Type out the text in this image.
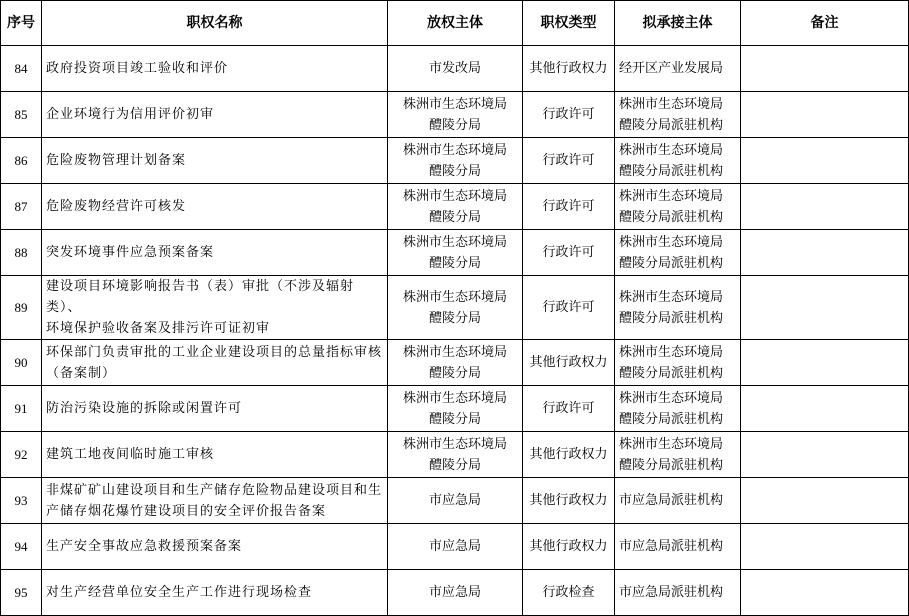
序号	职权名称	放权主体	职权类型	拟承接主体	备注
84	政府投资项目竣工验收和评价	市发改局	其他行政权力	经开区产业发展局	

85	企业环境行为信用评价初审	株洲市生态环境局
醴陵分局	行政许可	株洲市生态环境局
醴陵分局派驻机构	

86	危险废物管理计划备案	株洲市生态环境局
醴陵分局	行政许可	株洲市生态环境局
醴陵分局派驻机构	

87	危险废物经营许可核发	株洲市生态环境局
醴陵分局	行政许可	株洲市生态环境局
醴陵分局派驻机构	

88	突发环境事件应急预案备案	株洲市生态环境局
醴陵分局	行政许可	株洲市生态环境局
醴陵分局派驻机构	

89	建设项目环境影响报告书（表）审批（不涉及辐射类）、
环境保护验收备案及排污许可证初审	株洲市生态环境局
醴陵分局	行政许可	株洲市生态环境局
醴陵分局派驻机构	

90	环保部门负责审批的工业企业建设项目的总量指标审核
（备案制）	株洲市生态环境局
醴陵分局	其他行政权力	株洲市生态环境局
醴陵分局派驻机构	

91	防治污染设施的拆除或闲置许可	株洲市生态环境局
醴陵分局	行政许可	株洲市生态环境局
醴陵分局派驻机构	

92	建筑工地夜间临时施工审核	株洲市生态环境局
醴陵分局	其他行政权力	株洲市生态环境局
醴陵分局派驻机构	

93	非煤矿矿山建设项目和生产储存危险物品建设项目和生
产储存烟花爆竹建设项目的安全评价报告备案	市应急局	其他行政权力	市应急局派驻机构	

94	生产安全事故应急救援预案备案	市应急局	其他行政权力	市应急局派驻机构	

95	对生产经营单位安全生产工作进行现场检查	市应急局	行政检查	市应急局派驻机构	
